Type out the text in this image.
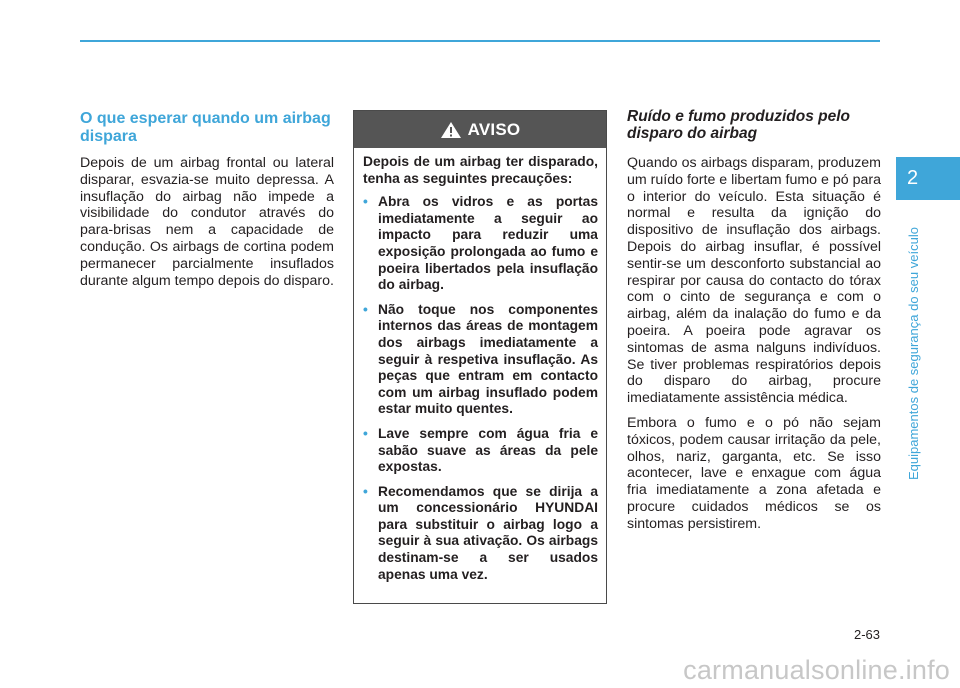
O que esperar quando um airbag dispara

Depois de um airbag frontal ou lateral disparar, esvazia-se muito depressa. A insuflação do airbag não impede a visibilidade do condutor através do para-brisas nem a capacidade de condução. Os airbags de cortina podem permanecer parcialmente insuflados durante algum tempo depois do disparo.

AVISO

Depois de um airbag ter disparado, tenha as seguintes precauções:

• Abra os vidros e as portas imediatamente a seguir ao impacto para reduzir uma exposição prolongada ao fumo e poeira libertados pela insuflação do airbag.
• Não toque nos componentes internos das áreas de montagem dos airbags imediatamente a seguir à respetiva insuflação. As peças que entram em contacto com um airbag insuflado podem estar muito quentes.
• Lave sempre com água fria e sabão suave as áreas da pele expostas.
• Recomendamos que se dirija a um concessionário HYUNDAI para substituir o airbag logo a seguir à sua ativação. Os airbags destinam-se a ser usados apenas uma vez.
Ruído e fumo produzidos pelo disparo do airbag

Quando os airbags disparam, produzem um ruído forte e libertam fumo e pó para o interior do veículo. Esta situação é normal e resulta da ignição do dispositivo de insuflação dos airbags. Depois do airbag insuflar, é possível sentir-se um desconforto substancial ao respirar por causa do contacto do tórax com o cinto de segurança e com o airbag, além da inalação do fumo e da poeira. A poeira pode agravar os sintomas de asma nalguns indivíduos. Se tiver problemas respiratórios depois do disparo do airbag, procure imediatamente assistência médica.

Embora o fumo e o pó não sejam tóxicos, podem causar irritação da pele, olhos, nariz, garganta, etc. Se isso acontecer, lave e enxague com água fria imediatamente a zona afetada e procure cuidados médicos se os sintomas persistirem.

2
Equipamentos de segurança do seu veículo
2-63
carmanualsonline.info
